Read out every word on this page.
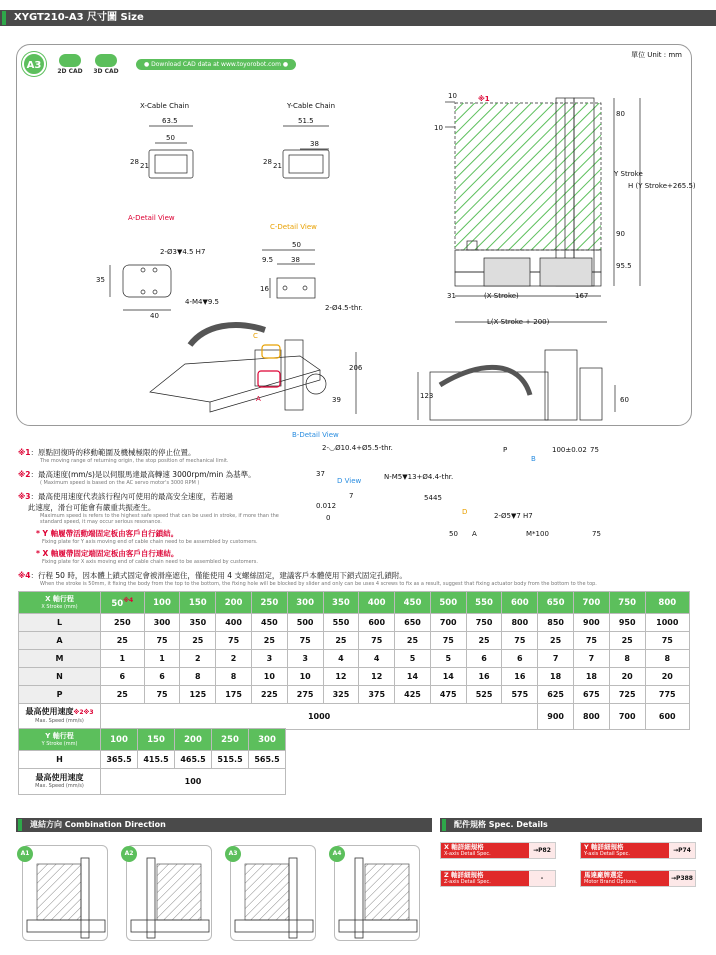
XYGT210-A3 尺寸圖 Size
A3
2D CAD 3D CAD
● Download CAD data at www.toyorobot.com ●
單位 Unit : mm
X-Cable Chain	Y-Cable Chain
63.5
50
28 21
51.5
38
28 21
A-Detail View
2-Ø3▼4.5 H7
4-M4▼9.5
35
40
C-Detail View
50
9.5	38
16
2-Ø4.5-thr.
10
10
※1
80
Y Stroke
H (Y Stroke+265.5)
90
95.5
31	(X Stroke)	167
L(X Stroke + 200)
206
39
A
C
123	60
B-Detail View
2-◡Ø10.4+Ø5.5-thr.
37
7
0.012
0
D View	N-M5▼13+Ø4.4-thr.
2-Ø5▼7 H7
54 45
50 A	M*100	75
P	100±0.02 75
B
D
※1：原點回復時的移動範圍及機械極限的停止位置。
The moving range of returning origin, the stop position of mechanical limit.
※2：最高速度(mm/s)是以伺服馬達最高轉速 3000rpm/min 為基準。
( Maximum speed is based on the AC servo motor's 3000 RPM )
※3：最高使用速度代表該行程內可使用的最高安全速度，若超過
　 此速度，滑台可能會有嚴重共振產生。
Maximum speed is refers to the highest safe speed that can be used in stroke, if more than the standard speed, it may occur serious resonance.
* Y 軸履帶活動端固定板由客戶自行鎖結。
Fixing plate for Y axis moving end of cable chain need to be assembled by customers.
* X 軸履帶固定端固定板由客戶自行連結。
Fixing plate for X axis moving end of cable chain need to be assembled by customers.
※4：行程 50 時，因本體上鎖式固定會被滑座遮住，僅能使用 4 支螺絲固定，建議客戶本體使用下鎖式固定孔鎖附。
When the stroke is 50mm, it fixing the body from the top to the bottom, the fixing hole will be blocked by slider and only can be uses 4 screws to fix as a result, suggest that fixing actuator body from the bottom to the top.
X 軸行程
X Stroke (mm)	50$^{※4}$	100	150	200	250	300	350	400	450	500	550	600	650	700	750	800
L	250	300	350	400	450	500	550	600	650	700	750	800	850	900	950	1000
A	25	75	25	75	25	75	25	75	25	75	25	75	25	75	25	75
M	1	1	2	2	3	3	4	4	5	5	6	6	7	7	8	8
N	6	6	8	8	10	10	12	12	14	14	16	16	18	18	20	20
P	25	75	125	175	225	275	325	375	425	475	525	575	625	675	725	775
最高使用速度※2※3
Max. Speed (mm/s)	1000												900	800	700	600
Y 軸行程
Y Stroke (mm)	100	150	200	250	300
H	365.5	415.5	465.5	515.5	565.5
最高使用速度
Max. Speed (mm/s)	100				
連結方向 Combination Direction
A1	A2	A3	A4
配件規格 Spec. Details
X 軸詳細規格
X-axis Detail Spec.	→P82	Y 軸詳細規格
Y-axis Detail Spec.	→P74
Z 軸詳細規格
Z-axis Detail Spec.	-	馬達廠牌選定
Motor Brand Options.	→P388
